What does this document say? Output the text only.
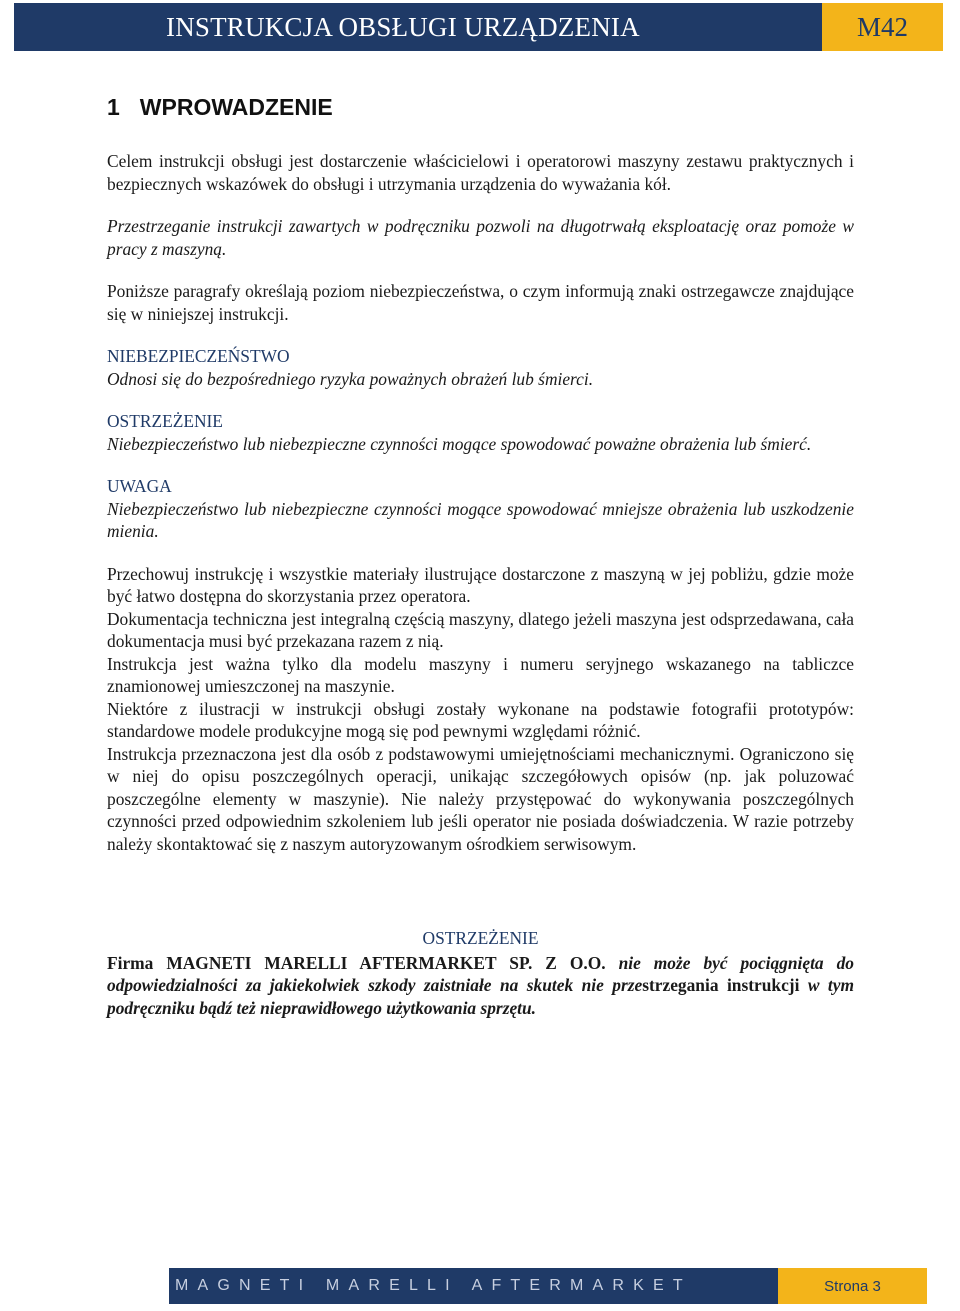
INSTRUKCJA OBSŁUGI URZĄDZENIA	M42
1 WPROWADZENIE

Celem instrukcji obsługi jest dostarczenie właścicielowi i operatorowi maszyny zestawu praktycznych i bezpiecznych wskazówek do obsługi i utrzymania urządzenia do wyważania kół.

Przestrzeganie instrukcji zawartych w podręczniku pozwoli na długotrwałą eksploatację oraz pomoże w pracy z maszyną.

Poniższe paragrafy określają poziom niebezpieczeństwa, o czym informują znaki ostrzegawcze znajdujące się w niniejszej instrukcji.

NIEBEZPIECZEŃSTWO
Odnosi się do bezpośredniego ryzyka poważnych obrażeń lub śmierci.
OSTRZEŻENIE
Niebezpieczeństwo lub niebezpieczne czynności mogące spowodować poważne obrażenia lub śmierć.
UWAGA
Niebezpieczeństwo lub niebezpieczne czynności mogące spowodować mniejsze obrażenia lub uszkodzenie mienia.

Przechowuj instrukcję i wszystkie materiały ilustrujące dostarczone z maszyną w jej pobliżu, gdzie może być łatwo dostępna do skorzystania przez operatora.

Dokumentacja techniczna jest integralną częścią maszyny, dlatego jeżeli maszyna jest odsprzedawana, cała dokumentacja musi być przekazana razem z nią.

Instrukcja jest ważna tylko dla modelu maszyny i numeru seryjnego wskazanego na tabliczce znamionowej umieszczonej na maszynie.

Niektóre z ilustracji w instrukcji obsługi zostały wykonane na podstawie fotografii prototypów: standardowe modele produkcyjne mogą się pod pewnymi względami różnić.

Instrukcja przeznaczona jest dla osób z podstawowymi umiejętnościami mechanicznymi. Ograniczono się w niej do opisu poszczególnych operacji, unikając szczegółowych opisów (np. jak poluzować poszczególne elementy w maszynie). Nie należy przystępować do wykonywania poszczególnych czynności przed odpowiednim szkoleniem lub jeśli operator nie posiada doświadczenia. W razie potrzeby należy skontaktować się z naszym autoryzowanym ośrodkiem serwisowym.

OSTRZEŻENIE

Firma MAGNETI MARELLI AFTERMARKET SP. Z O.O. nie może być pociągnięta do odpowiedzialności za jakiekolwiek szkody zaistniałe na skutek nie przestrzegania instrukcji w tym podręczniku bądź też nieprawidłowego użytkowania sprzętu.

MAGNETI MARELLI AFTERMARKET	Strona 3
